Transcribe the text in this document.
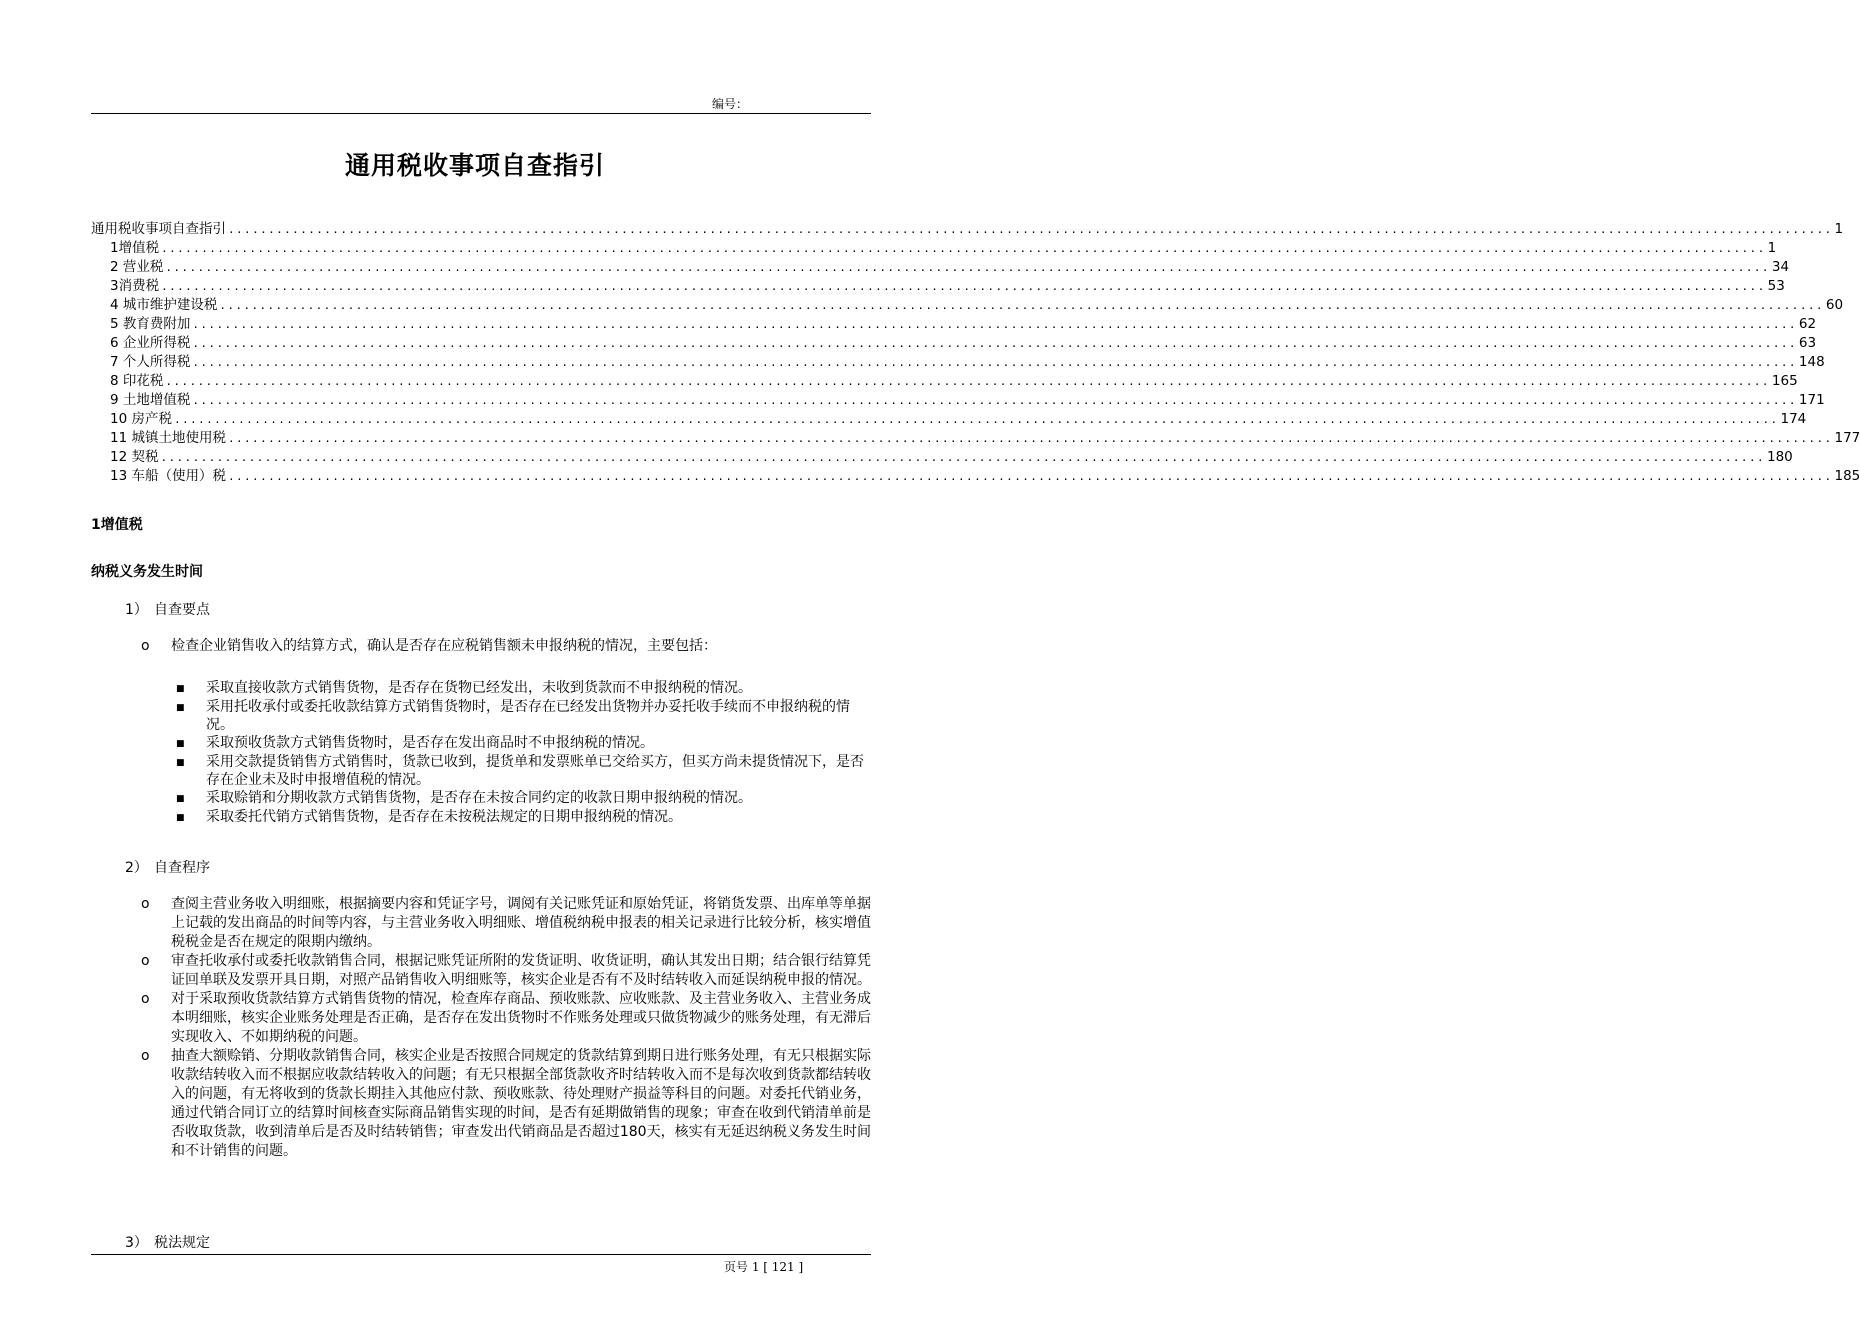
编号：
通用税收事项自查指引
通用税收事项自查指引 ........................................................................................................................................................................................................ 1
1增值税 ........................................................................................................................................................................................................ 1
2 营业税 ........................................................................................................................................................................................................ 34
3消费税 ........................................................................................................................................................................................................ 53
4 城市维护建设税 ........................................................................................................................................................................................................ 60
5 教育费附加 ........................................................................................................................................................................................................ 62
6 企业所得税 ........................................................................................................................................................................................................ 63
7 个人所得税 ........................................................................................................................................................................................................ 148
8 印花税 ........................................................................................................................................................................................................ 165
9 土地增值税 ........................................................................................................................................................................................................ 171
10 房产税 ........................................................................................................................................................................................................ 174
11 城镇土地使用税 ........................................................................................................................................................................................................ 177
12 契税 ........................................................................................................................................................................................................ 180
13 车船（使用）税 ........................................................................................................................................................................................................ 185
1增值税
纳税义务发生时间
1） 自查要点
o	检查企业销售收入的结算方式，确认是否存在应税销售额未申报纳税的情况，主要包括：
■	采取直接收款方式销售货物，是否存在货物已经发出，未收到货款而不申报纳税的情况。
■	采用托收承付或委托收款结算方式销售货物时，是否存在已经发出货物并办妥托收手续而不申报纳税的情况。
■	采取预收货款方式销售货物时，是否存在发出商品时不申报纳税的情况。
■	采用交款提货销售方式销售时，货款已收到，提货单和发票账单已交给买方，但买方尚未提货情况下，是否存在企业未及时申报增值税的情况。
■	采取赊销和分期收款方式销售货物，是否存在未按合同约定的收款日期申报纳税的情况。
■	采取委托代销方式销售货物，是否存在未按税法规定的日期申报纳税的情况。
2） 自查程序
o	查阅主营业务收入明细账，根据摘要内容和凭证字号，调阅有关记账凭证和原始凭证，将销货发票、出库单等单据上记载的发出商品的时间等内容，与主营业务收入明细账、增值税纳税申报表的相关记录进行比较分析，核实增值税税金是否在规定的限期内缴纳。
o	审查托收承付或委托收款销售合同，根据记账凭证所附的发货证明、收货证明，确认其发出日期；结合银行结算凭证回单联及发票开具日期，对照产品销售收入明细账等，核实企业是否有不及时结转收入而延误纳税申报的情况。
o	对于采取预收货款结算方式销售货物的情况，检查库存商品、预收账款、应收账款、及主营业务收入、主营业务成本明细账，核实企业账务处理是否正确，是否存在发出货物时不作账务处理或只做货物减少的账务处理，有无滞后实现收入、不如期纳税的问题。
o	抽查大额赊销、分期收款销售合同，核实企业是否按照合同规定的货款结算到期日进行账务处理，有无只根据实际收款结转收入而不根据应收款结转收入的问题；有无只根据全部货款收齐时结转收入而不是每次收到货款都结转收入的问题，有无将收到的货款长期挂入其他应付款、预收账款、待处理财产损益等科目的问题。对委托代销业务，通过代销合同订立的结算时间核查实际商品销售实现的时间，是否有延期做销售的现象；审查在收到代销清单前是否收取货款，收到清单后是否及时结转销售；审查发出代销商品是否超过180天，核实有无延迟纳税义务发生时间和不计销售的问题。
3） 税法规定
页号 1 [ 121 ]
